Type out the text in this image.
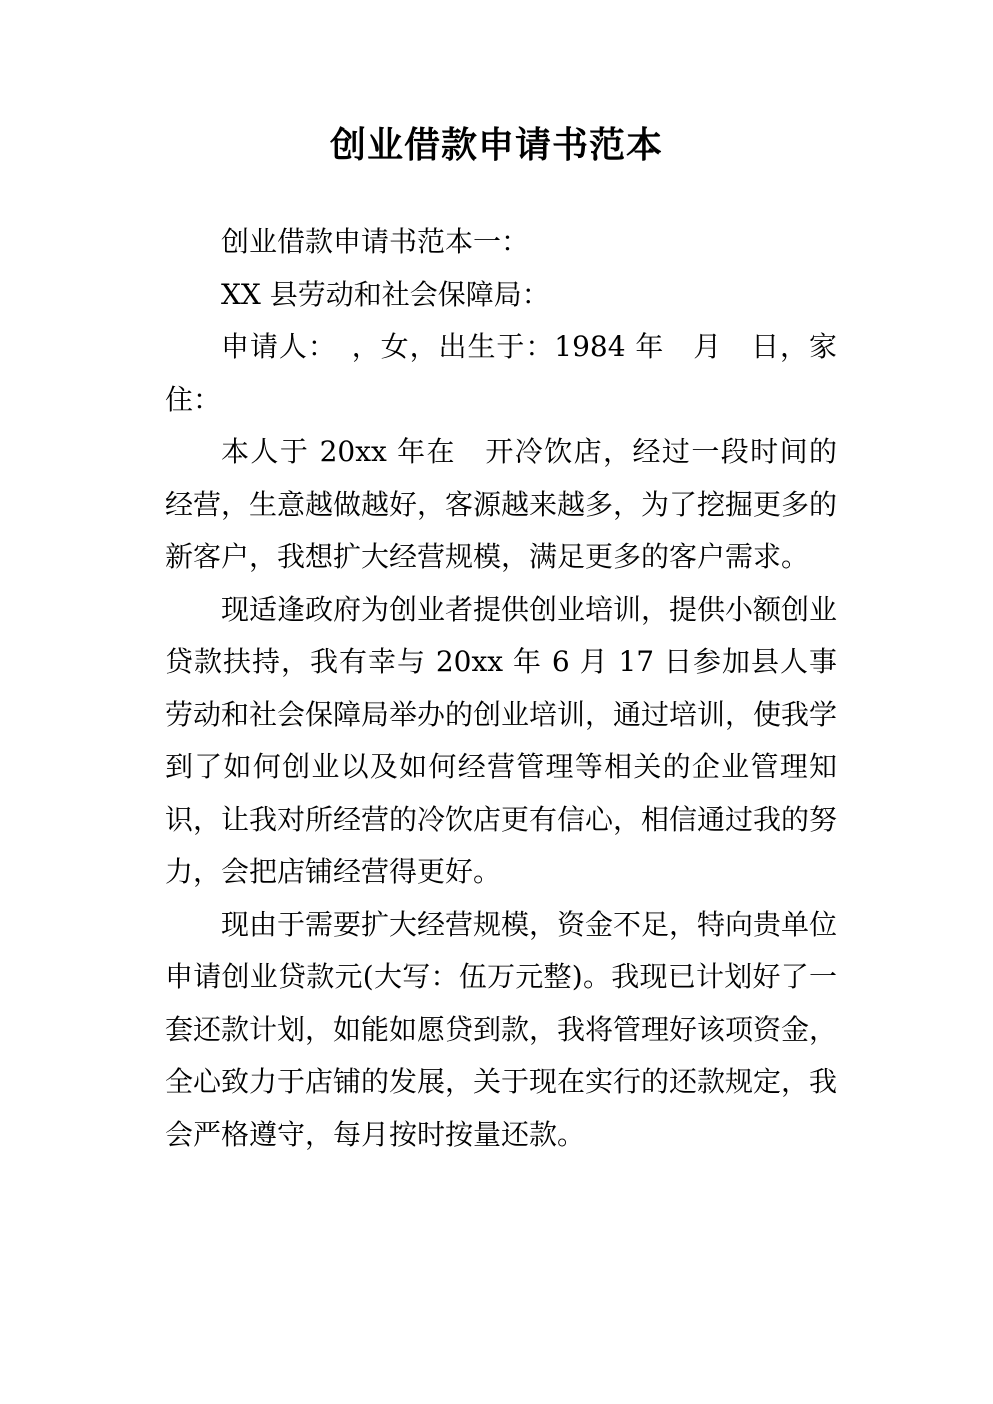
创业借款申请书范本

创业借款申请书范本一：

XX 县劳动和社会保障局：

申请人：　，女，出生于：1984 年　月　日，家住：

本人于 20xx 年在　开冷饮店，经过一段时间的经营，生意越做越好，客源越来越多，为了挖掘更多的新客户，我想扩大经营规模，满足更多的客户需求。

现适逢政府为创业者提供创业培训，提供小额创业贷款扶持，我有幸与 20xx 年 6 月 17 日参加县人事劳动和社会保障局举办的创业培训，通过培训，使我学到了如何创业以及如何经营管理等相关的企业管理知识，让我对所经营的冷饮店更有信心，相信通过我的努力，会把店铺经营得更好。

现由于需要扩大经营规模，资金不足，特向贵单位申请创业贷款元(大写：伍万元整)。我现已计划好了一套还款计划，如能如愿贷到款，我将管理好该项资金，全心致力于店铺的发展，关于现在实行的还款规定，我会严格遵守，每月按时按量还款。
